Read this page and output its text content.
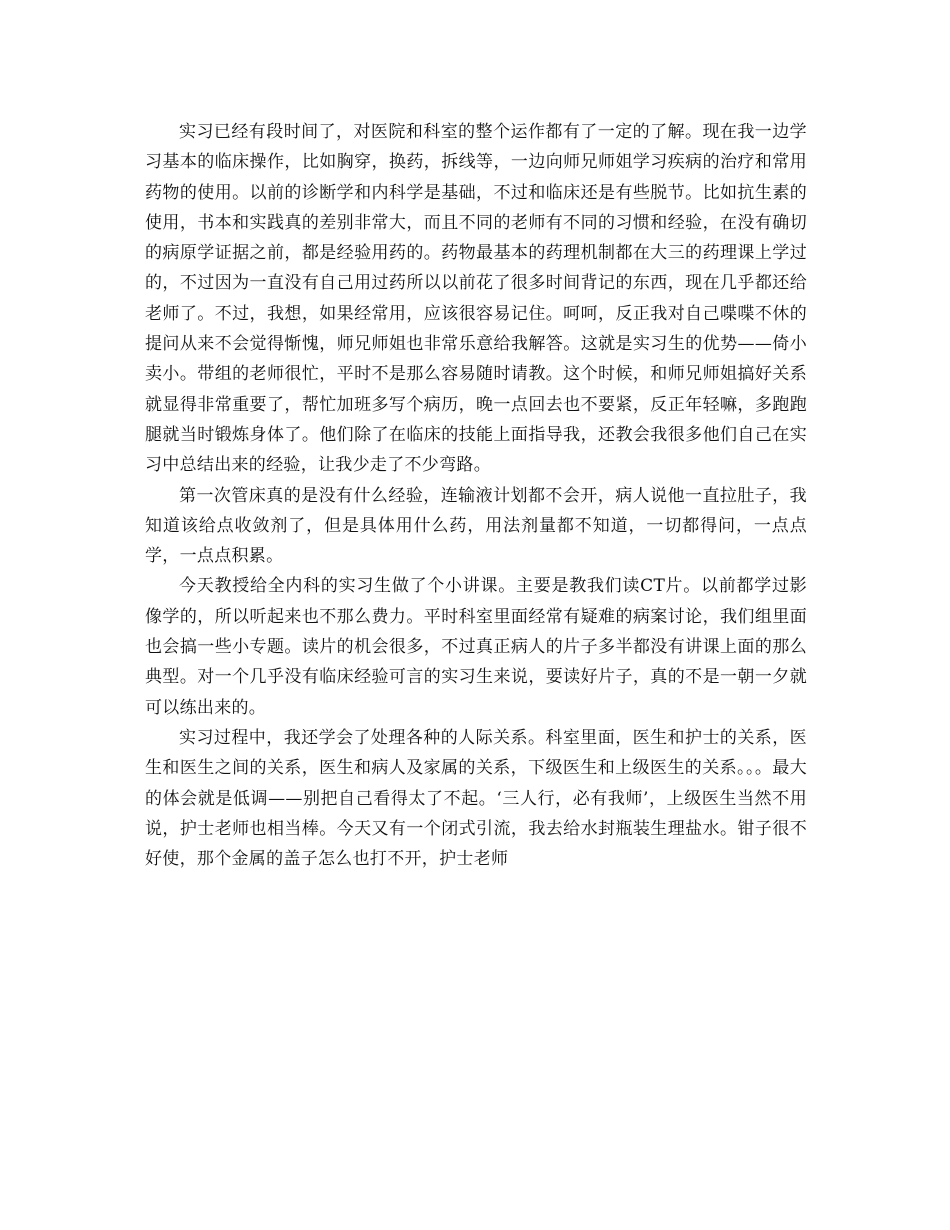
实习已经有段时间了，对医院和科室的整个运作都有了一定的了解。现在我一边学习基本的临床操作，比如胸穿，换药，拆线等，一边向师兄师姐学习疾病的治疗和常用药物的使用。以前的诊断学和内科学是基础，不过和临床还是有些脱节。比如抗生素的使用，书本和实践真的差别非常大，而且不同的老师有不同的习惯和经验，在没有确切的病原学证据之前，都是经验用药的。药物最基本的药理机制都在大三的药理课上学过的，不过因为一直没有自己用过药所以以前花了很多时间背记的东西，现在几乎都还给老师了。不过，我想，如果经常用，应该很容易记住。呵呵，反正我对自己喋喋不休的提问从来不会觉得惭愧，师兄师姐也非常乐意给我解答。这就是实习生的优势——倚小卖小。带组的老师很忙，平时不是那么容易随时请教。这个时候，和师兄师姐搞好关系就显得非常重要了，帮忙加班多写个病历，晚一点回去也不要紧，反正年轻嘛，多跑跑腿就当时锻炼身体了。他们除了在临床的技能上面指导我，还教会我很多他们自己在实习中总结出来的经验，让我少走了不少弯路。

第一次管床真的是没有什么经验，连输液计划都不会开，病人说他一直拉肚子，我知道该给点收敛剂了，但是具体用什么药，用法剂量都不知道，一切都得问，一点点学，一点点积累。

今天教授给全内科的实习生做了个小讲课。主要是教我们读CT片。以前都学过影像学的，所以听起来也不那么费力。平时科室里面经常有疑难的病案讨论，我们组里面也会搞一些小专题。读片的机会很多，不过真正病人的片子多半都没有讲课上面的那么典型。对一个几乎没有临床经验可言的实习生来说，要读好片子，真的不是一朝一夕就可以练出来的。

实习过程中，我还学会了处理各种的人际关系。科室里面，医生和护士的关系，医生和医生之间的关系，医生和病人及家属的关系，下级医生和上级医生的关系。。。最大的体会就是低调——别把自己看得太了不起。‘三人行，必有我师’，上级医生当然不用说，护士老师也相当棒。今天又有一个闭式引流，我去给水封瓶装生理盐水。钳子很不好使，那个金属的盖子怎么也打不开，护士老师
